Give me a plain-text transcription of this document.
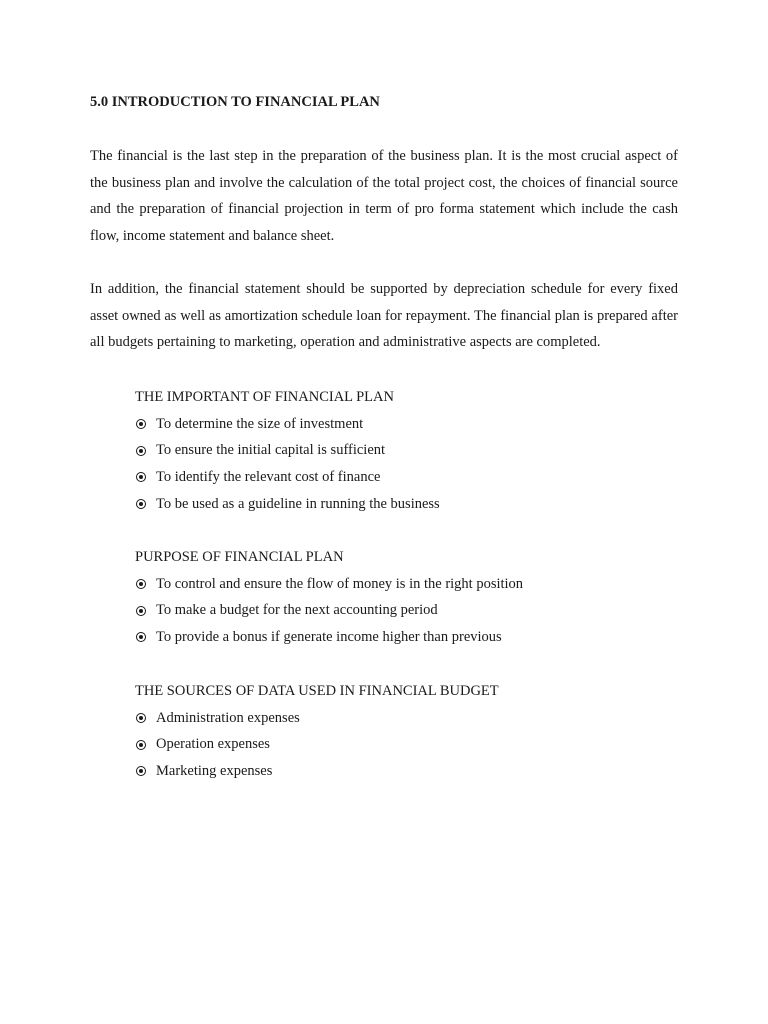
5.0 INTRODUCTION TO FINANCIAL PLAN

The financial is the last step in the preparation of the business plan. It is the most crucial aspect of the business plan and involve the calculation of the total project cost, the choices of financial source and the preparation of financial projection in term of pro forma statement which include the cash flow, income statement and balance sheet.

In addition, the financial statement should be supported by depreciation schedule for every fixed asset owned as well as amortization schedule loan for repayment. The financial plan is prepared after all budgets pertaining to marketing, operation and administrative aspects are completed.

THE IMPORTANT OF FINANCIAL PLAN
To determine the size of investment
To ensure the initial capital is sufficient
To identify the relevant cost of finance
To be used as a guideline in running the business
PURPOSE OF FINANCIAL PLAN
To control and ensure the flow of money is in the right position
To make a budget for the next accounting period
To provide a bonus if generate income higher than previous
THE SOURCES OF DATA USED IN FINANCIAL BUDGET
Administration expenses
Operation expenses
Marketing expenses
